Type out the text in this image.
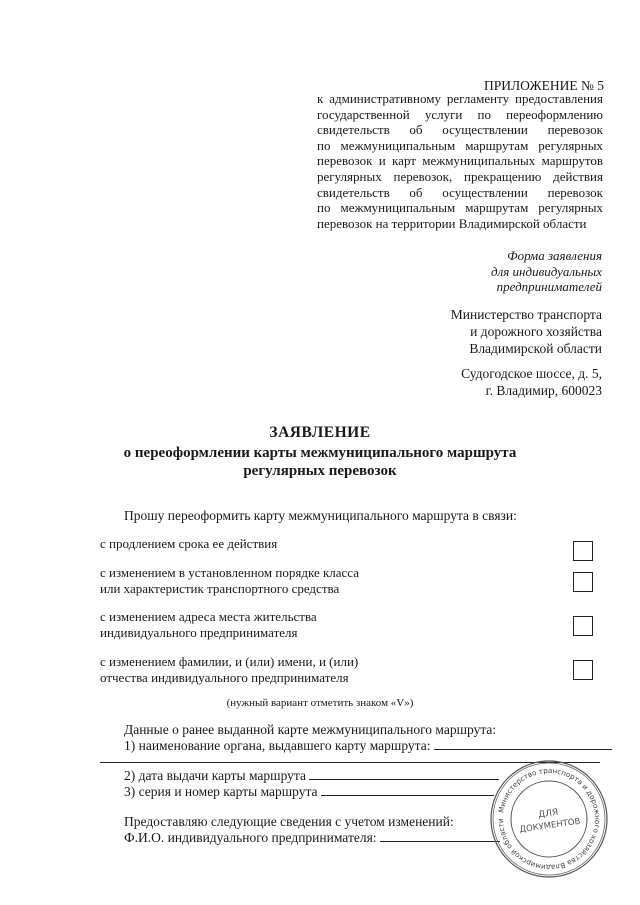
ПРИЛОЖЕНИЕ № 5
к административному регламенту предоставления
государственной услуги по переоформлению
свидетельств об осуществлении перевозок
по межмуниципальным маршрутам регулярных
перевозок и карт межмуниципальных маршрутов
регулярных перевозок, прекращению действия
свидетельств об осуществлении перевозок
по межмуниципальным маршрутам регулярных
перевозок на территории Владимирской области
Форма заявления
для индивидуальных
предпринимателей
Министерство транспорта
и дорожного хозяйства
Владимирской области
Судогодское шоссе, д. 5,
г. Владимир, 600023
ЗАЯВЛЕНИЕ
о переоформлении карты межмуниципального маршрута
регулярных перевозок
Прошу переоформить карту межмуниципального маршрута в связи:
с продлением срока ее действия
с изменением в установленном порядке класса
или характеристик транспортного средства
с изменением адреса места жительства
индивидуального предпринимателя
с изменением фамилии, и (или) имени, и (или)
отчества индивидуального предпринимателя
(нужный вариант отметить знаком «V»)
Данные о ранее выданной карте межмуниципального маршрута:
1) наименование органа, выдавшего карту маршрута:
2) дата выдачи карты маршрута
3) серия и номер карты маршрута
Предоставляю следующие сведения с учетом изменений:
Ф.И.О. индивидуального предпринимателя:
Министерство транспорта и дорожного хозяйства Владимирской области
ДЛЯ
ДОКУМЕНТОВ
